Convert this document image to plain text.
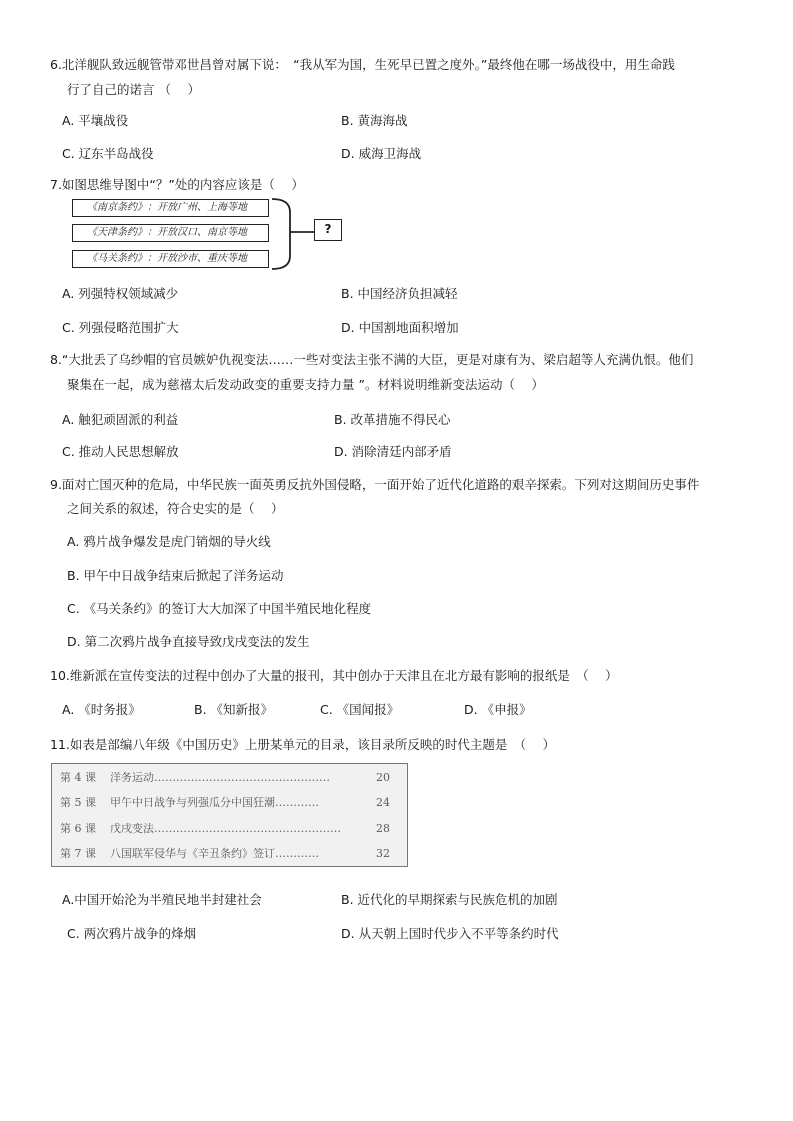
6.北洋舰队致远舰管带邓世昌曾对属下说：　“我从军为国，生死早已置之度外。”最终他在哪一场战役中，用生命践
行了自己的诺言 （　 ）
A. 平壤战役	B. 黄海海战
C. 辽东半岛战役	D. 威海卫海战
7.如图思维导图中“？”处的内容应该是（　 ）
《南京条约》：开放广州、上海等地
《天津条约》：开放汉口、南京等地
《马关条约》：开放沙市、重庆等地
?
A. 列强特权领域减少	B. 中国经济负担减轻
C. 列强侵略范围扩大	D. 中国割地面积增加
8.“大批丢了乌纱帽的官员嫉妒仇视变法……一些对变法主张不满的大臣，更是对康有为、梁启超等人充满仇恨。他们
聚集在一起，成为慈禧太后发动政变的重要支持力量 ”。材料说明维新变法运动（　 ）
A. 触犯顽固派的利益	B. 改革措施不得民心
C. 推动人民思想解放	D. 消除清廷内部矛盾
9.面对亡国灭种的危局，中华民族一面英勇反抗外国侵略，一面开始了近代化道路的艰辛探索。下列对这期间历史事件
之间关系的叙述，符合史实的是（　 ）
A. 鸦片战争爆发是虎门销烟的导火线
B. 甲午中日战争结束后掀起了洋务运动
C. 《马关条约》的签订大大加深了中国半殖民地化程度
D. 第二次鸦片战争直接导致戊戌变法的发生
10.维新派在宣传变法的过程中创办了大量的报刊，其中创办于天津且在北方最有影响的报纸是　（　 ）
A. 《时务报》	B. 《知新报》	C. 《国闻报》	D. 《申报》
11.如表是部编八年级《中国历史》上册某单元的目录，该目录所反映的时代主题是　（　 ）
第 4 课 洋务运动…………………………………………	20
第 5 课 甲午中日战争与列强瓜分中国狂潮…………	24
第 6 课 戊戌变法……………………………………………	28
第 7 课 八国联军侵华与《辛丑条约》签订…………	32
A.中国开始沦为半殖民地半封建社会	B. 近代化的早期探索与民族危机的加剧
C. 两次鸦片战争的烽烟	D. 从天朝上国时代步入不平等条约时代
